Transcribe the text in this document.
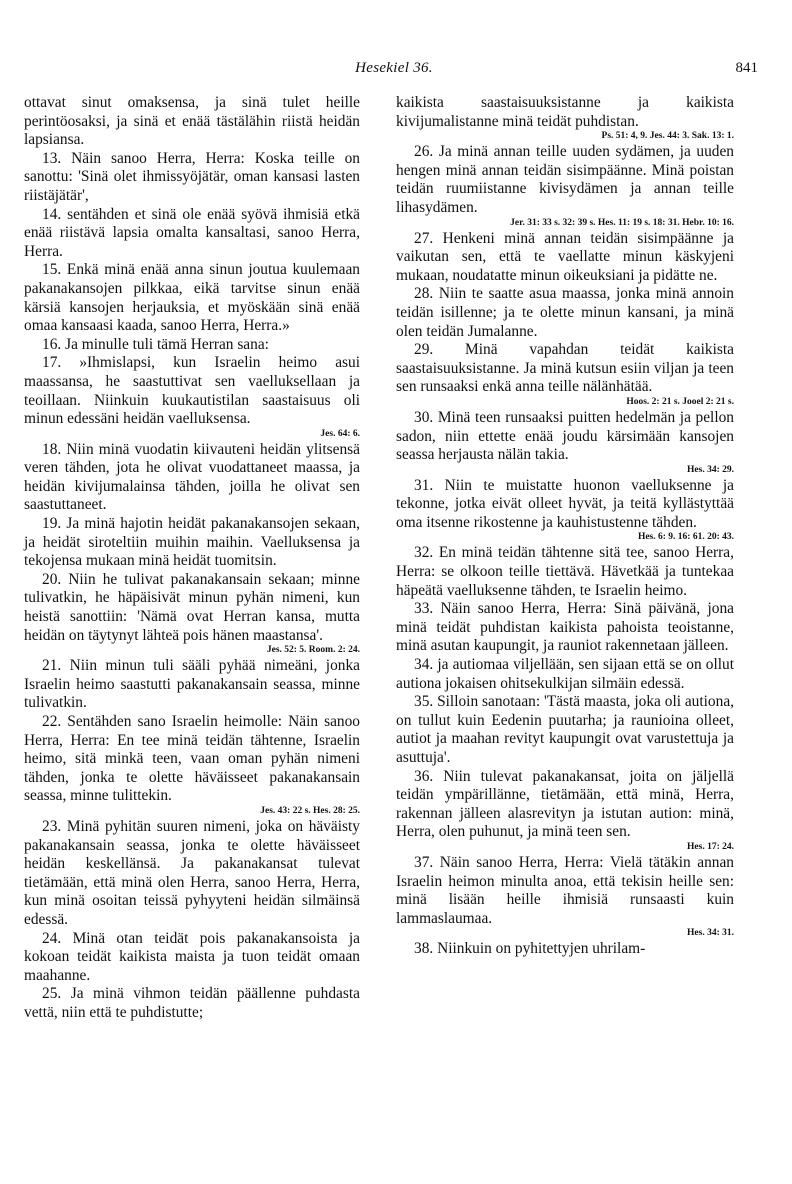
Hesekiel 36.	841

ottavat sinut omaksensa, ja sinä tulet heille perintöosaksi, ja sinä et enää tästälähin riistä heidän lapsiansa.

13. Näin sanoo Herra, Herra: Koska teille on sanottu: 'Sinä olet ihmissyöjätär, oman kansasi lasten riistäjätär',

14. sentähden et sinä ole enää syövä ihmisiä etkä enää riistävä lapsia omalta kansaltasi, sanoo Herra, Herra.

15. Enkä minä enää anna sinun joutua kuulemaan pakanakansojen pilkkaa, eikä tarvitse sinun enää kärsiä kansojen herjauksia, et myöskään sinä enää omaa kansaasi kaada, sanoo Herra, Herra.»

16. Ja minulle tuli tämä Herran sana:

17. »Ihmislapsi, kun Israelin heimo asui maassansa, he saastuttivat sen vaelluksellaan ja teoillaan. Niinkuin kuukautistilan saastaisuus oli minun edessäni heidän vaelluksensa.

Jes. 64: 6.

18. Niin minä vuodatin kiivauteni heidän ylitsensä veren tähden, jota he olivat vuodattaneet maassa, ja heidän kivijumalainsa tähden, joilla he olivat sen saastuttaneet.

19. Ja minä hajotin heidät pakanakansojen sekaan, ja heidät siroteltiin muihin maihin. Vaelluksensa ja tekojensa mukaan minä heidät tuomitsin.

20. Niin he tulivat pakanakansain sekaan; minne tulivatkin, he häpäisivät minun pyhän nimeni, kun heistä sanottiin: 'Nämä ovat Herran kansa, mutta heidän on täytynyt lähteä pois hänen maastansa'.

Jes. 52: 5. Room. 2: 24.

21. Niin minun tuli sääli pyhää nimeäni, jonka Israelin heimo saastutti pakanakansain seassa, minne tulivatkin.

22. Sentähden sano Israelin heimolle: Näin sanoo Herra, Herra: En tee minä teidän tähtenne, Israelin heimo, sitä minkä teen, vaan oman pyhän nimeni tähden, jonka te olette häväisseet pakanakansain seassa, minne tulittekin.

Jes. 43: 22 s. Hes. 28: 25.

23. Minä pyhitän suuren nimeni, joka on häväisty pakanakansain seassa, jonka te olette häväisseet heidän keskellänsä. Ja pakanakansat tulevat tietämään, että minä olen Herra, sanoo Herra, Herra, kun minä osoitan teissä pyhyyteni heidän silmäinsä edessä.

24. Minä otan teidät pois pakanakansoista ja kokoan teidät kaikista maista ja tuon teidät omaan maahanne.

25. Ja minä vihmon teidän päällenne puhdasta vettä, niin että te puhdistutte;

kaikista saastaisuuksistanne ja kaikista kivijumalistanne minä teidät puhdistan.

Ps. 51: 4, 9. Jes. 44: 3. Sak. 13: 1.

26. Ja minä annan teille uuden sydämen, ja uuden hengen minä annan teidän sisimpäänne. Minä poistan teidän ruumiistanne kivisydämen ja annan teille lihasydämen.

Jer. 31: 33 s. 32: 39 s. Hes. 11: 19 s. 18: 31. Hebr. 10: 16.

27. Henkeni minä annan teidän sisimpäänne ja vaikutan sen, että te vaellatte minun käskyjeni mukaan, noudatatte minun oikeuksiani ja pidätte ne.

28. Niin te saatte asua maassa, jonka minä annoin teidän isillenne; ja te olette minun kansani, ja minä olen teidän Jumalanne.

29. Minä vapahdan teidät kaikista saastaisuuksistanne. Ja minä kutsun esiin viljan ja teen sen runsaaksi enkä anna teille nälänhätää.

Hoos. 2: 21 s. Jooel 2: 21 s.

30. Minä teen runsaaksi puitten hedelmän ja pellon sadon, niin ettette enää joudu kärsimään kansojen seassa herjausta nälän takia.

Hes. 34: 29.

31. Niin te muistatte huonon vaelluksenne ja tekonne, jotka eivät olleet hyvät, ja teitä kyllästyttää oma itsenne rikostenne ja kauhistustenne tähden.

Hes. 6: 9. 16: 61. 20: 43.

32. En minä teidän tähtenne sitä tee, sanoo Herra, Herra: se olkoon teille tiettävä. Hävetkää ja tuntekaa häpeätä vaelluksenne tähden, te Israelin heimo.

33. Näin sanoo Herra, Herra: Sinä päivänä, jona minä teidät puhdistan kaikista pahoista teoistanne, minä asutan kaupungit, ja rauniot rakennetaan jälleen.

34. ja autiomaa viljellään, sen sijaan että se on ollut autiona jokaisen ohitsekulkijan silmäin edessä.

35. Silloin sanotaan: 'Tästä maasta, joka oli autiona, on tullut kuin Eedenin puutarha; ja raunioina olleet, autiot ja maahan revityt kaupungit ovat varustettuja ja asuttuja'.

36. Niin tulevat pakanakansat, joita on jäljellä teidän ympärillänne, tietämään, että minä, Herra, rakennan jälleen alasrevityn ja istutan aution: minä, Herra, olen puhunut, ja minä teen sen.

Hes. 17: 24.

37. Näin sanoo Herra, Herra: Vielä tätäkin annan Israelin heimon minulta anoa, että tekisin heille sen: minä lisään heille ihmisiä runsaasti kuin lammaslaumaa.

Hes. 34: 31.

38. Niinkuin on pyhitettyjen uhrilam-
